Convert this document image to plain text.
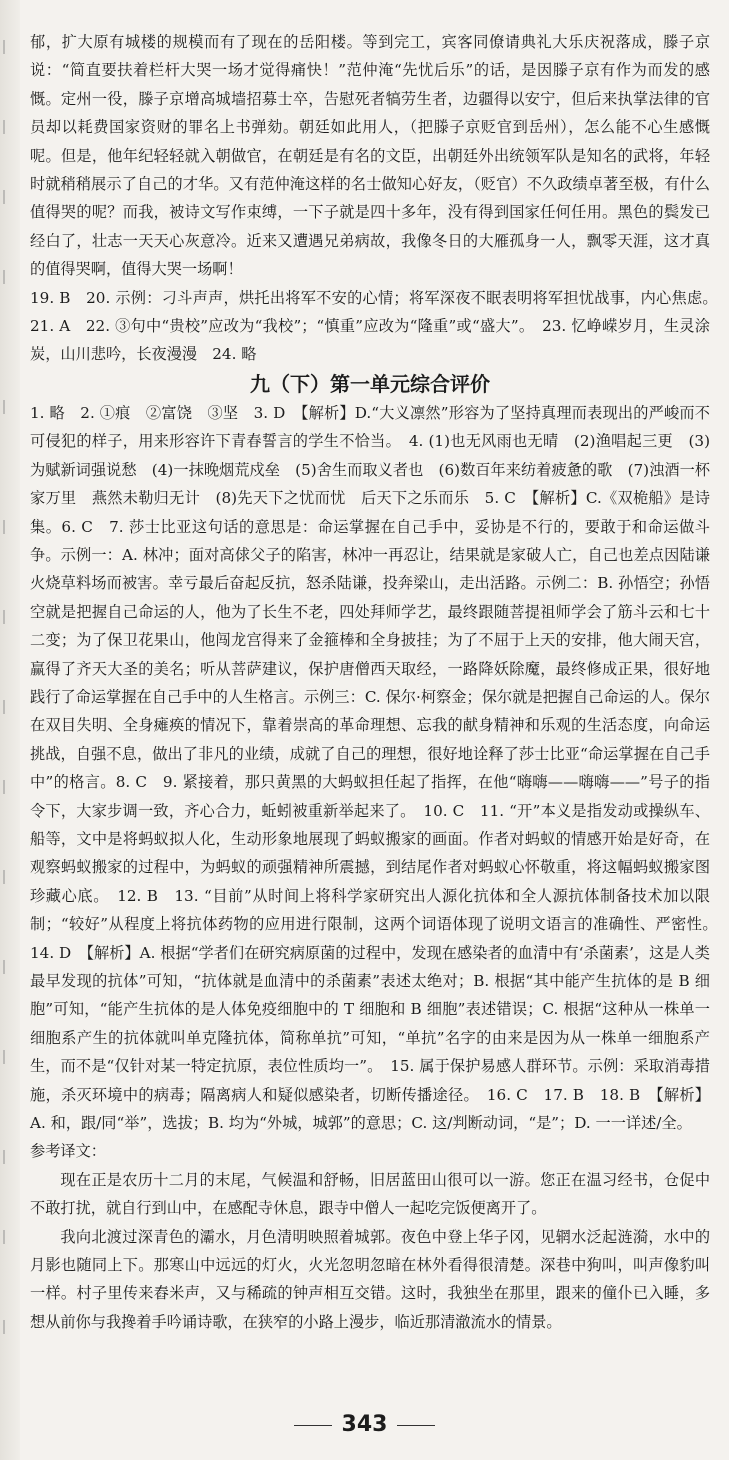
郁，扩大原有城楼的规模而有了现在的岳阳楼。等到完工，宾客同僚请典礼大乐庆祝落成，滕子京说：“简直要扶着栏杆大哭一场才觉得痛快！”范仲淹“先忧后乐”的话，是因滕子京有作为而发的感慨。定州一役，滕子京增高城墙招募士卒，告慰死者犒劳生者，边疆得以安宁，但后来执掌法律的官员却以耗费国家资财的罪名上书弹劾。朝廷如此用人，（把滕子京贬官到岳州），怎么能不心生感慨呢。但是，他年纪轻轻就入朝做官，在朝廷是有名的文臣，出朝廷外出统领军队是知名的武将，年轻时就稍稍展示了自己的才华。又有范仲淹这样的名士做知心好友，（贬官）不久政绩卓著至极，有什么值得哭的呢？而我，被诗文写作束缚，一下子就是四十多年，没有得到国家任何任用。黑色的鬓发已经白了，壮志一天天心灰意冷。近来又遭遇兄弟病故，我像冬日的大雁孤身一人，飘零天涯，这才真的值得哭啊，值得大哭一场啊！

19. B　20. 示例：刁斗声声，烘托出将军不安的心情；将军深夜不眠表明将军担忧战事，内心焦虑。　21. A　22. ③句中“贵校”应改为“我校”；“慎重”应改为“隆重”或“盛大”。　23. 忆峥嵘岁月，生灵涂炭，山川悲吟，长夜漫漫　24. 略

九（下）第一单元综合评价

1. 略　2. ①痕　②富饶　③坚　3. D　【解析】D.“大义凛然”形容为了坚持真理而表现出的严峻而不可侵犯的样子，用来形容许下青春誓言的学生不恰当。　4. (1)也无风雨也无晴　(2)渔唱起三更　(3)为赋新词强说愁　(4)一抹晚烟荒戍垒　(5)舍生而取义者也　(6)数百年来纺着疲惫的歌　(7)浊酒一杯家万里　燕然未勒归无计　(8)先天下之忧而忧　后天下之乐而乐　5. C　【解析】C.《双桅船》是诗集。6. C　7. 莎士比亚这句话的意思是：命运掌握在自己手中，妥协是不行的，要敢于和命运做斗争。示例一：A. 林冲；面对高俅父子的陷害，林冲一再忍让，结果就是家破人亡，自己也差点因陆谦火烧草料场而被害。幸亏最后奋起反抗，怒杀陆谦，投奔梁山，走出活路。示例二：B. 孙悟空；孙悟空就是把握自己命运的人，他为了长生不老，四处拜师学艺，最终跟随菩提祖师学会了筋斗云和七十二变；为了保卫花果山，他闯龙宫得来了金箍棒和全身披挂；为了不屈于上天的安排，他大闹天宫，赢得了齐天大圣的美名；听从菩萨建议，保护唐僧西天取经，一路降妖除魔，最终修成正果，很好地践行了命运掌握在自己手中的人生格言。示例三：C. 保尔·柯察金；保尔就是把握自己命运的人。保尔在双目失明、全身瘫痪的情况下，靠着崇高的革命理想、忘我的献身精神和乐观的生活态度，向命运挑战，自强不息，做出了非凡的业绩，成就了自己的理想，很好地诠释了莎士比亚“命运掌握在自己手中”的格言。8. C　9. 紧接着，那只黄黑的大蚂蚁担任起了指挥，在他“嗨嗨——嗨嗨——”号子的指令下，大家步调一致，齐心合力，蚯蚓被重新举起来了。　10. C　11. “开”本义是指发动或操纵车、船等，文中是将蚂蚁拟人化，生动形象地展现了蚂蚁搬家的画面。作者对蚂蚁的情感开始是好奇，在观察蚂蚁搬家的过程中，为蚂蚁的顽强精神所震撼，到结尾作者对蚂蚁心怀敬重，将这幅蚂蚁搬家图珍藏心底。　12. B　13. “目前”从时间上将科学家研究出人源化抗体和全人源抗体制备技术加以限制；“较好”从程度上将抗体药物的应用进行限制，这两个词语体现了说明文语言的准确性、严密性。　14. D　【解析】A. 根据“学者们在研究病原菌的过程中，发现在感染者的血清中有‘杀菌素’，这是人类最早发现的抗体”可知，“抗体就是血清中的杀菌素”表述太绝对；B. 根据“其中能产生抗体的是 B 细胞”可知，“能产生抗体的是人体免疫细胞中的 T 细胞和 B 细胞”表述错误；C. 根据“这种从一株单一细胞系产生的抗体就叫单克隆抗体，简称单抗”可知，“单抗”名字的由来是因为从一株单一细胞系产生，而不是“仅针对某一特定抗原，表位性质均一”。　15. 属于保护易感人群环节。示例：采取消毒措施，杀灭环境中的病毒；隔离病人和疑似感染者，切断传播途径。　16. C　17. B　18. B　【解析】A. 和，跟/同“举”，选拔；B. 均为“外城，城郭”的意思；C. 这/判断动词，“是”；D. 一一详述/全。

参考译文：

现在正是农历十二月的末尾，气候温和舒畅，旧居蓝田山很可以一游。您正在温习经书，仓促中不敢打扰，就自行到山中，在感配寺休息，跟寺中僧人一起吃完饭便离开了。

我向北渡过深青色的灞水，月色清明映照着城郭。夜色中登上华子冈，见辋水泛起涟漪，水中的月影也随同上下。那寒山中远远的灯火，火光忽明忽暗在林外看得很清楚。深巷中狗叫，叫声像豹叫一样。村子里传来舂米声，又与稀疏的钟声相互交错。这时，我独坐在那里，跟来的僮仆已入睡，多想从前你与我搀着手吟诵诗歌，在狭窄的小路上漫步，临近那清澈流水的情景。

343
